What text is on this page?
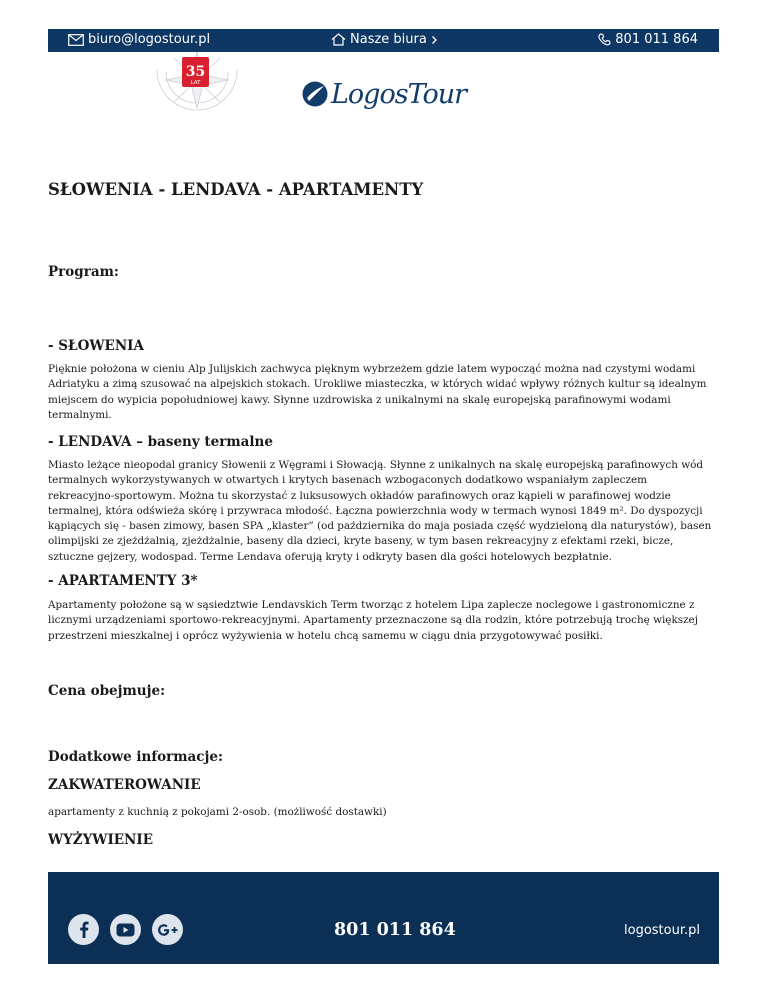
biuro@logostour.pl	Nasze biura	801 011 864
35
LAT	LogosTour
SŁOWENIA - LENDAVA - APARTAMENTY
Program:
- SŁOWENIA
Pięknie położona w cieniu Alp Julijskich zachwyca pięknym wybrzeżem gdzie latem wypocząć można nad czystymi wodami
Adriatyku a zimą szusować na alpejskich stokach. Urokliwe miasteczka, w których widać wpływy różnych kultur są idealnym
miejscem do wypicia popołudniowej kawy. Słynne uzdrowiska z unikalnymi na skalę europejską parafinowymi wodami
termalnymi.
- LENDAVA – baseny termalne
Miasto leżące nieopodal granicy Słowenii z Węgrami i Słowacją. Słynne z unikalnych na skalę europejską parafinowych wód
termalnych wykorzystywanych w otwartych i krytych basenach wzbogaconych dodatkowo wspaniałym zapleczem
rekreacyjno-sportowym. Można tu skorzystać z luksusowych okładów parafinowych oraz kąpieli w parafinowej wodzie
termalnej, która odświeża skórę i przywraca młodość. Łączna powierzchnia wody w termach wynosi 1849 m². Do dyspozycji
kąpiących się - basen zimowy, basen SPA „klaster” (od października do maja posiada część wydzieloną dla naturystów), basen
olimpijski ze zjeżdżalnią, zjeżdżalnie, baseny dla dzieci, kryte baseny, w tym basen rekreacyjny z efektami rzeki, bicze,
sztuczne gejzery, wodospad. Terme Lendava oferują kryty i odkryty basen dla gości hotelowych bezpłatnie.
- APARTAMENTY 3*
Apartamenty położone są w sąsiedztwie Lendavskich Term tworząc z hotelem Lipa zaplecze noclegowe i gastronomiczne z
licznymi urządzeniami sportowo-rekreacyjnymi. Apartamenty przeznaczone są dla rodzin, które potrzebują trochę większej
przestrzeni mieszkalnej i oprócz wyżywienia w hotelu chcą samemu w ciągu dnia przygotowywać posiłki.
Cena obejmuje:
Dodatkowe informacje:
ZAKWATEROWANIE
apartamenty z kuchnią z pokojami 2-osob. (możliwość dostawki)
WYŻYWIENIE
801 011 864	logostour.pl
